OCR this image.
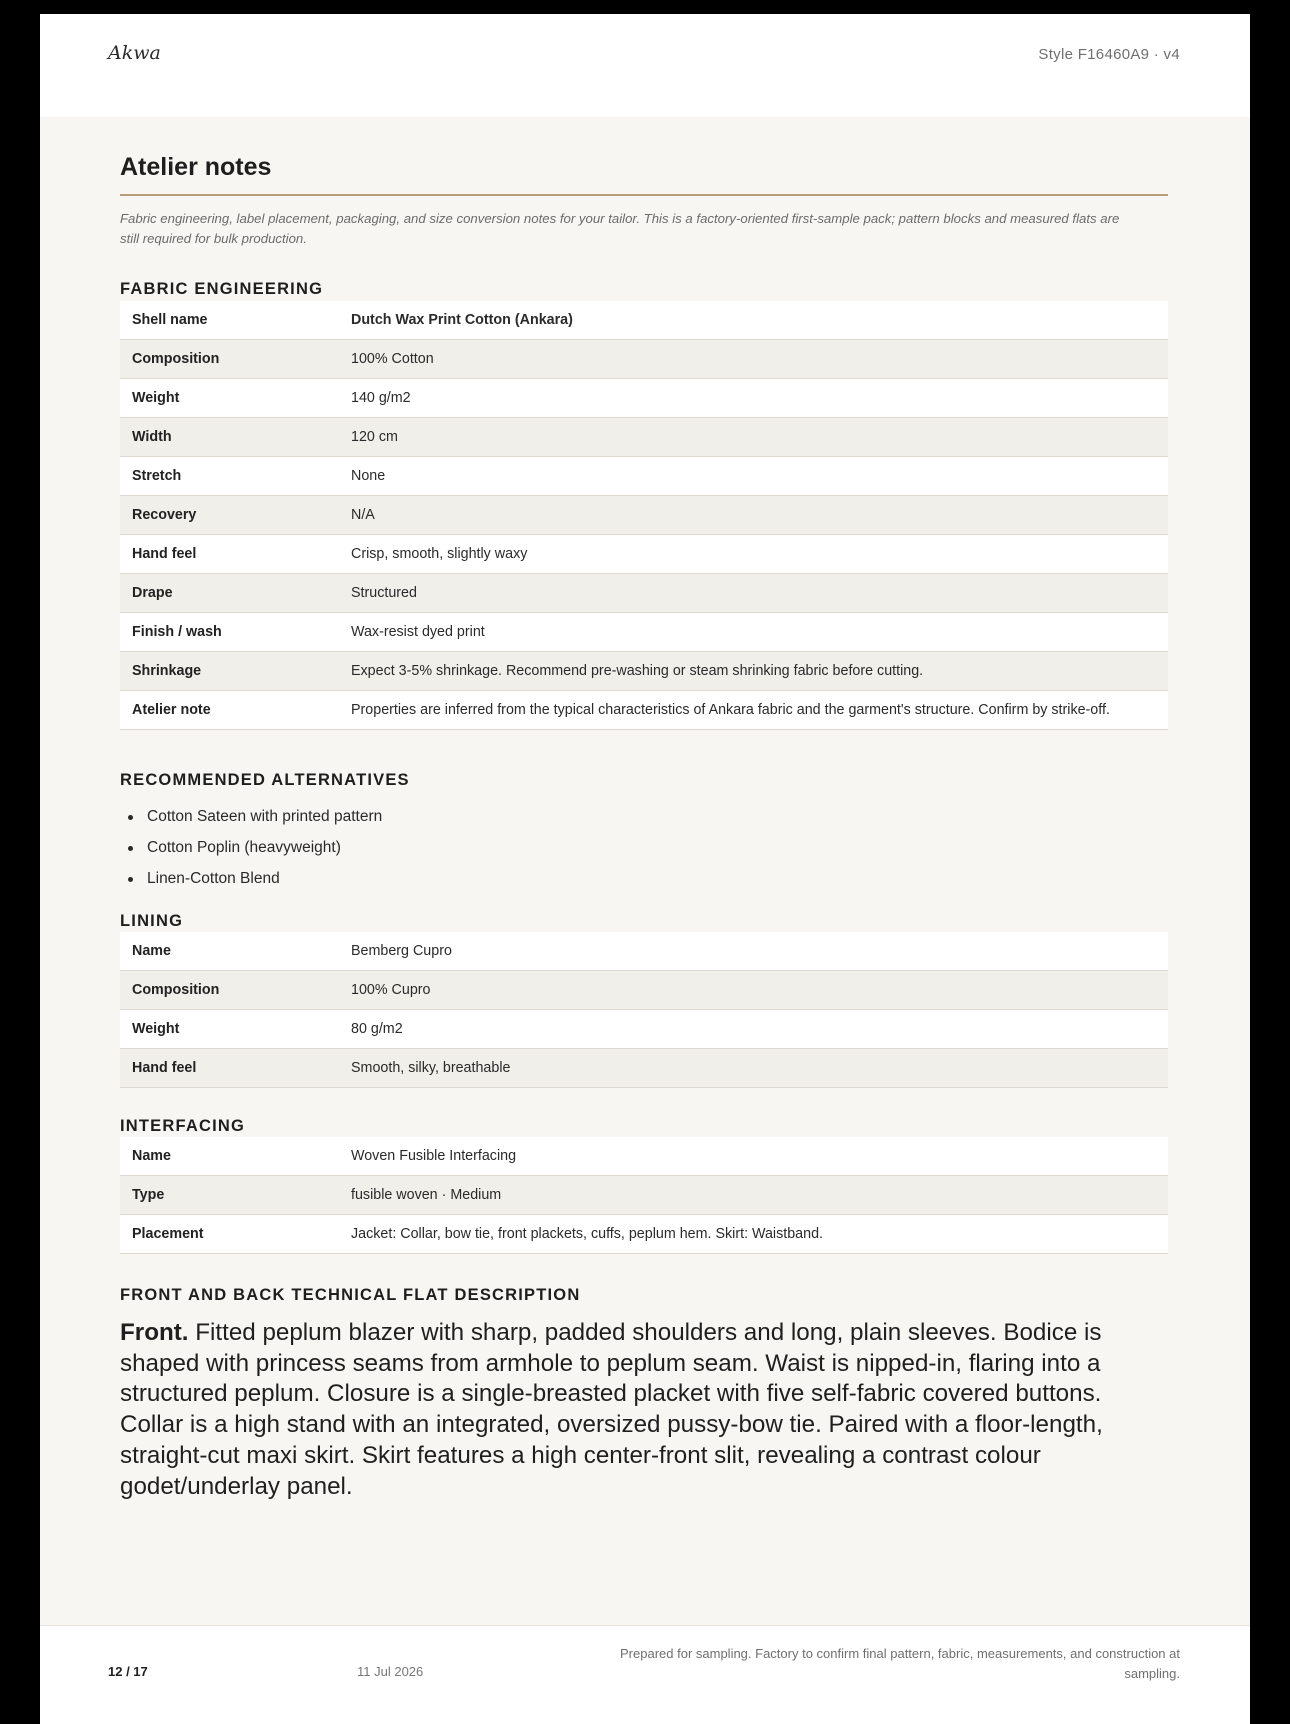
Akwa	Style F16460A9 · v4
Atelier notes

Fabric engineering, label placement, packaging, and size conversion notes for your tailor. This is a factory-oriented first-sample pack; pattern blocks and measured flats are still required for bulk production.

FABRIC ENGINEERING
Shell name	Dutch Wax Print Cotton (Ankara)
Composition	100% Cotton
Weight	140 g/m2
Width	120 cm
Stretch	None
Recovery	N/A
Hand feel	Crisp, smooth, slightly waxy
Drape	Structured
Finish / wash	Wax-resist dyed print
Shrinkage	Expect 3-5% shrinkage. Recommend pre-washing or steam shrinking fabric before cutting.
Atelier note	Properties are inferred from the typical characteristics of Ankara fabric and the garment's structure. Confirm by strike-off.
RECOMMENDED ALTERNATIVES
Cotton Sateen with printed pattern
Cotton Poplin (heavyweight)
Linen-Cotton Blend
LINING
Name	Bemberg Cupro
Composition	100% Cupro
Weight	80 g/m2
Hand feel	Smooth, silky, breathable
INTERFACING
Name	Woven Fusible Interfacing
Type	fusible woven · Medium
Placement	Jacket: Collar, bow tie, front plackets, cuffs, peplum hem. Skirt: Waistband.
FRONT AND BACK TECHNICAL FLAT DESCRIPTION

Front. Fitted peplum blazer with sharp, padded shoulders and long, plain sleeves. Bodice is shaped with princess seams from armhole to peplum seam. Waist is nipped-in, flaring into a structured peplum. Closure is a single-breasted placket with five self-fabric covered buttons. Collar is a high stand with an integrated, oversized pussy-bow tie. Paired with a floor-length, straight-cut maxi skirt. Skirt features a high center-front slit, revealing a contrast colour godet/underlay panel.

12 / 17	11 Jul 2026
Prepared for sampling. Factory to confirm final pattern, fabric, measurements, and construction at sampling.
